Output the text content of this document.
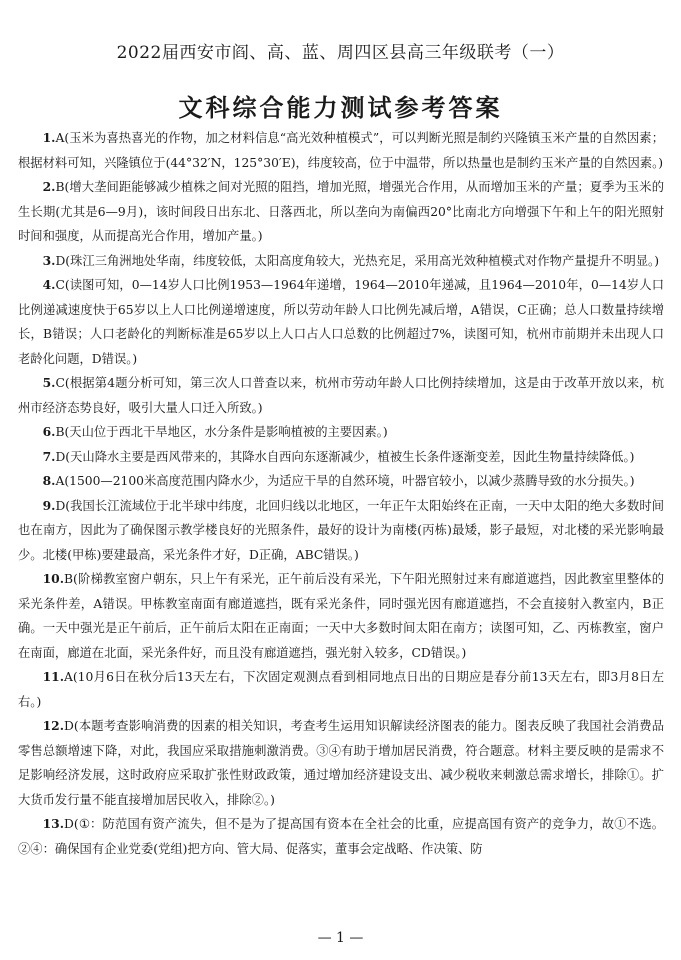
2022届西安市阎、高、蓝、周四区县高三年级联考（一）
文科综合能力测试参考答案

1.A(玉米为喜热喜光的作物，加之材料信息“高光效种植模式”，可以判断光照是制约兴隆镇玉米产量的自然因素；根据材料可知，兴隆镇位于(44°32′N，125°30′E)，纬度较高，位于中温带，所以热量也是制约玉米产量的自然因素。)

2.B(增大垄间距能够减少植株之间对光照的阻挡，增加光照，增强光合作用，从而增加玉米的产量；夏季为玉米的生长期(尤其是6—9月)，该时间段日出东北、日落西北，所以垄向为南偏西20°比南北方向增强下午和上午的阳光照射时间和强度，从而提高光合作用，增加产量。)

3.D(珠江三角洲地处华南，纬度较低，太阳高度角较大，光热充足，采用高光效种植模式对作物产量提升不明显。)

4.C(读图可知，0—14岁人口比例1953—1964年递增，1964—2010年递减，且1964—2010年，0—14岁人口比例递减速度快于65岁以上人口比例递增速度，所以劳动年龄人口比例先减后增，A错误，C正确；总人口数量持续增长，B错误；人口老龄化的判断标准是65岁以上人口占人口总数的比例超过7%，读图可知，杭州市前期并未出现人口老龄化问题，D错误。)

5.C(根据第4题分析可知，第三次人口普查以来，杭州市劳动年龄人口比例持续增加，这是由于改革开放以来，杭州市经济态势良好，吸引大量人口迁入所致。)

6.B(天山位于西北干旱地区，水分条件是影响植被的主要因素。)

7.D(天山降水主要是西风带来的，其降水自西向东逐渐减少，植被生长条件逐渐变差，因此生物量持续降低。)

8.A(1500—2100米高度范围内降水少，为适应干旱的自然环境，叶器官较小，以减少蒸腾导致的水分损失。)

9.D(我国长江流域位于北半球中纬度，北回归线以北地区，一年正午太阳始终在正南，一天中太阳的绝大多数时间也在南方，因此为了确保图示教学楼良好的光照条件，最好的设计为南楼(丙栋)最矮，影子最短，对北楼的采光影响最少。北楼(甲栋)要建最高，采光条件才好，D正确，ABC错误。)

10.B(阶梯教室窗户朝东，只上午有采光，正午前后没有采光，下午阳光照射过来有廊道遮挡，因此教室里整体的采光条件差，A错误。甲栋教室南面有廊道遮挡，既有采光条件，同时强光因有廊道遮挡，不会直接射入教室内，B正确。一天中强光是正午前后，正午前后太阳在正南面；一天中大多数时间太阳在南方；读图可知，乙、丙栋教室，窗户在南面，廊道在北面，采光条件好，而且没有廊道遮挡，强光射入较多，CD错误。)

11.A(10月6日在秋分后13天左右，下次固定观测点看到相同地点日出的日期应是春分前13天左右，即3月8日左右。)

12.D(本题考查影响消费的因素的相关知识，考查考生运用知识解读经济图表的能力。图表反映了我国社会消费品零售总额增速下降，对此，我国应采取措施刺激消费。③④有助于增加居民消费，符合题意。材料主要反映的是需求不足影响经济发展，这时政府应采取扩张性财政政策，通过增加经济建设支出、减少税收来刺激总需求增长，排除①。扩大货币发行量不能直接增加居民收入，排除②。)

13.D(①：防范国有资产流失，但不是为了提高国有资本在全社会的比重，应提高国有资产的竞争力，故①不选。②④：确保国有企业党委(党组)把方向、管大局、促落实，董事会定战略、作决策、防

— 1 —
